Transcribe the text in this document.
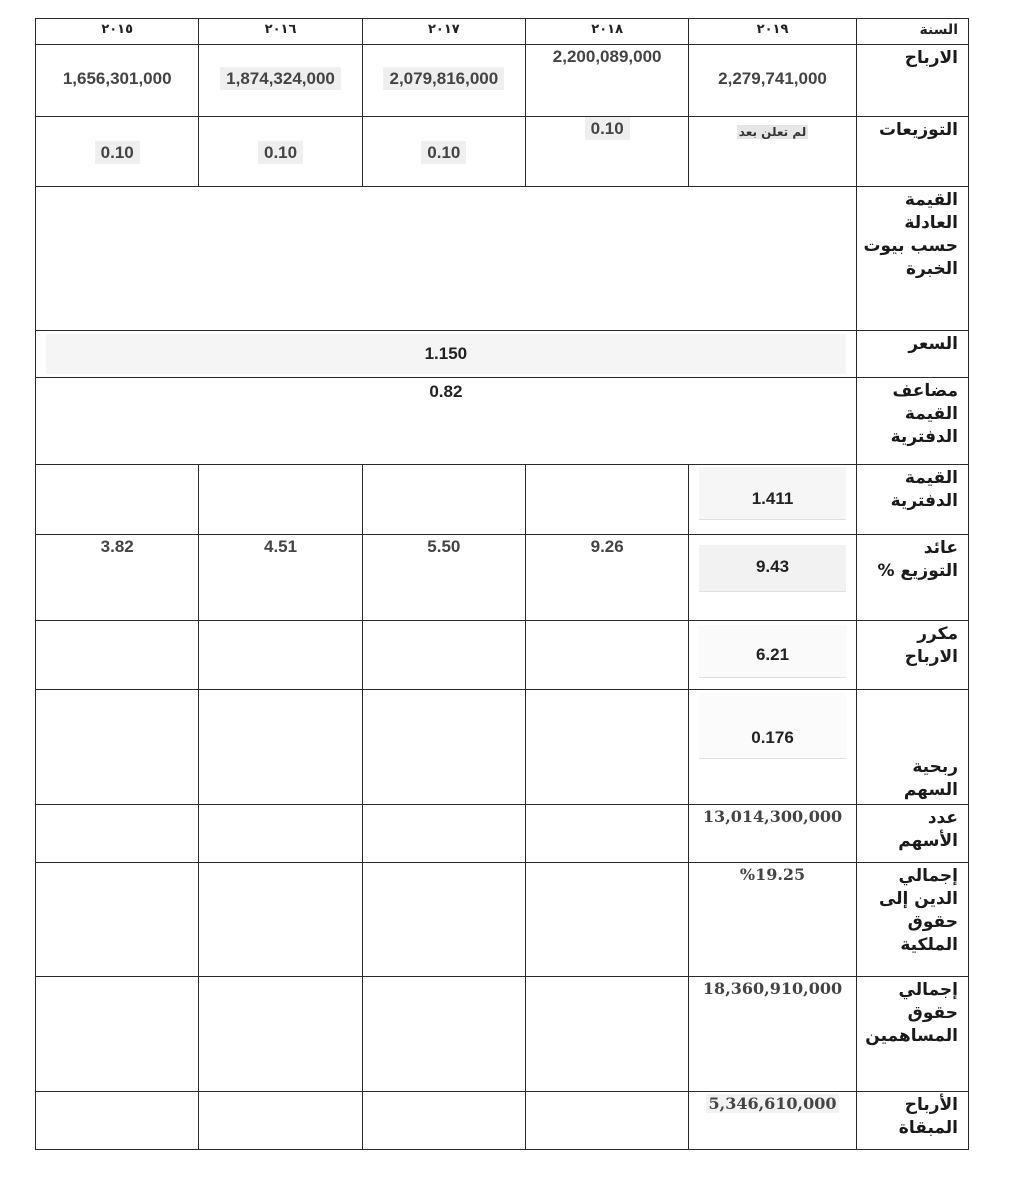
السنة	٢٠١٩	٢٠١٨	٢٠١٧	٢٠١٦	٢٠١٥
الارباح	2,279,741,000	2,200,089,000	2,079,816,000	1,874,324,000	1,656,301,000

التوزيعات	لم تعلن بعد	0.10	0.10	0.10	0.10

القيمة العادلة حسب بيوت الخبرة					
السعر	1.150				

مضاعف القيمة الدفترية	0.82				

القيمة الدفترية	1.411				

عائد التوزيع %	9.43	9.26	5.50	4.51	3.82

مكرر الارباح	6.21				

ربحية السهم	0.176				

عدد الأسهم	13,014,300,000				

إجمالي الدين إلى حقوق الملكية	%19.25				

إجمالي حقوق المساهمين	18,360,910,000				

الأرباح المبقاة	5,346,610,000				
